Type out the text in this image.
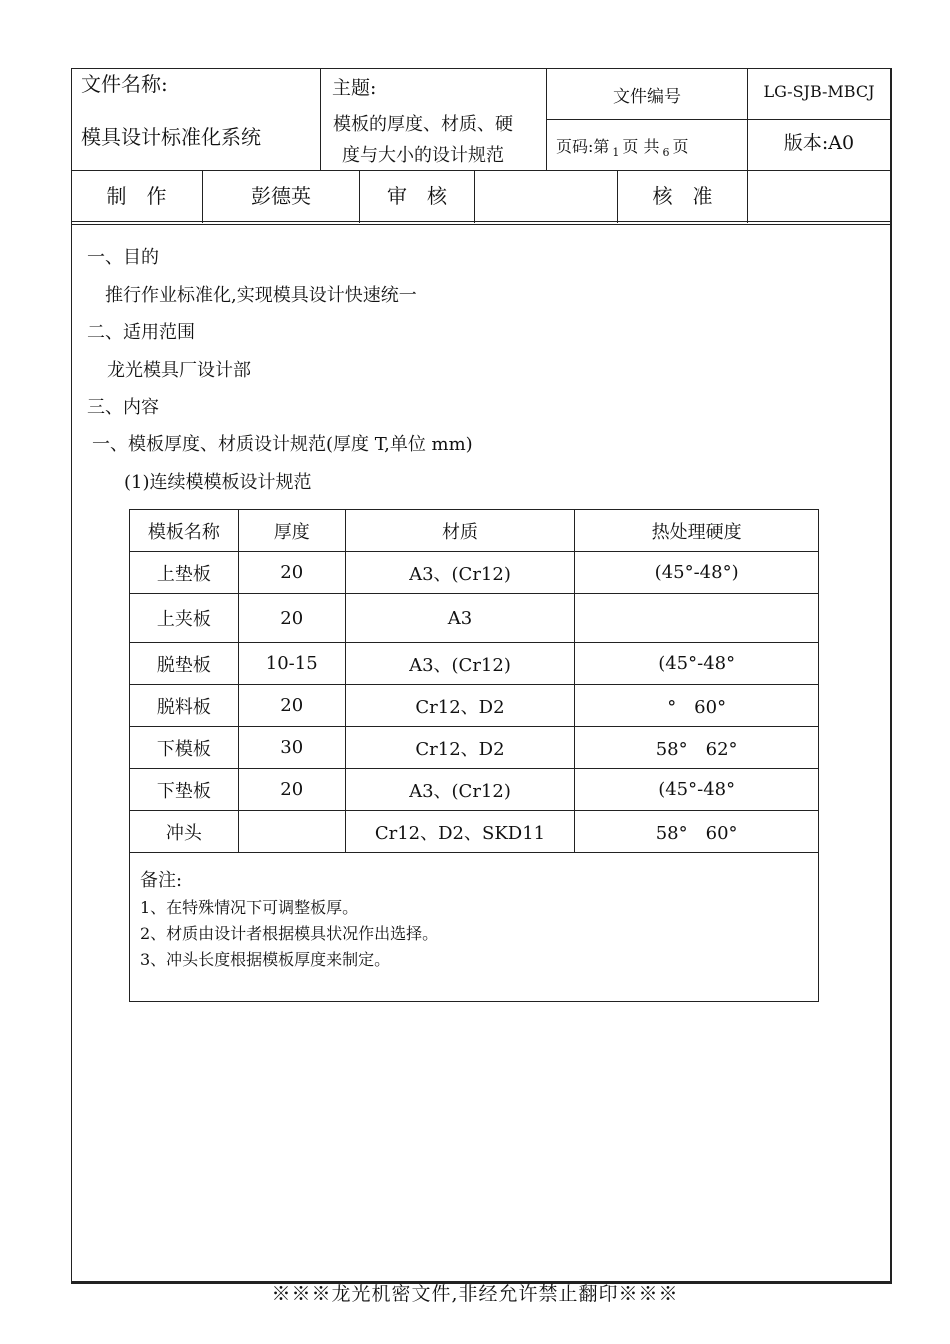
文件名称:
模具设计标准化系统
主题:
模板的厚度、材质、硬
度与大小的设计规范
文件编号	LG-SJB-MBCJ
页码:第 $_1$ 页 共 $_6$ 页	版本:A0
制　作	彭德英	审　核	核　准
一、目的
推行作业标准化,实现模具设计快速统一
二、适用范围
龙光模具厂设计部
三、内容
一、模板厚度、材质设计规范(厚度 T,单位 mm)
(1)连续模模板设计规范
模板名称	厚度	材质	热处理硬度
上垫板	20	A3、(Cr12)	(45°-48°)
上夹板	20	A3	
脱垫板	10-15	A3、(Cr12)	(45°-48°
脱料板	20	Cr12、D2	°　60°
下模板	30	Cr12、D2	58°　62°
下垫板	20	A3、(Cr12)	(45°-48°
冲头		Cr12、D2、SKD11	58°　60°

备注:
1、在特殊情况下可调整板厚。
2、材质由设计者根据模具状况作出选择。
3、冲头长度根据模板厚度来制定。			
※※※龙光机密文件,非经允许禁止翻印※※※
